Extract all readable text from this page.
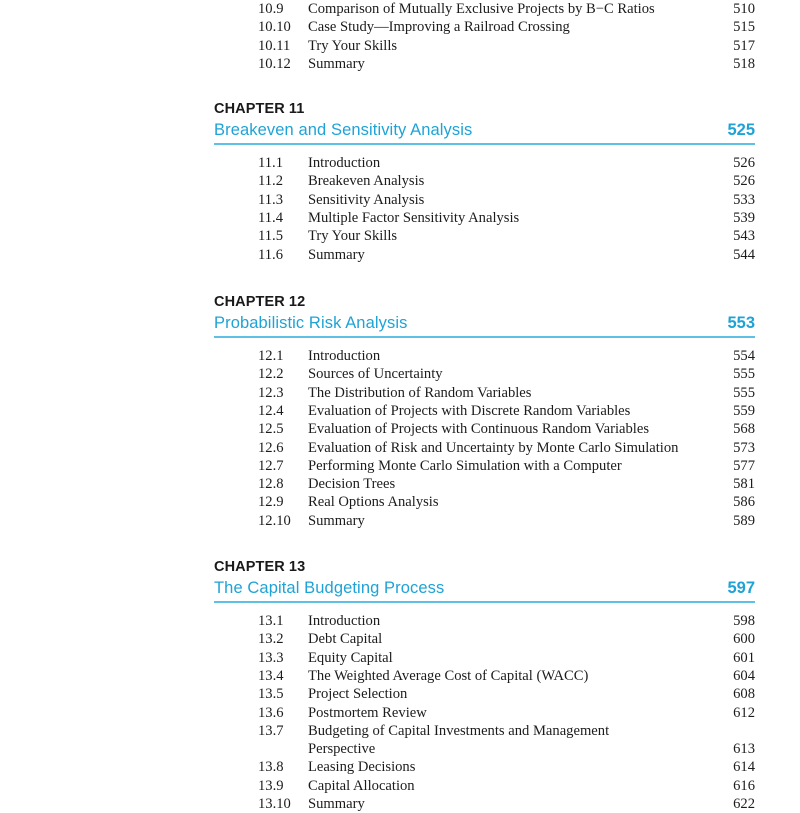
10.9 Comparison of Mutually Exclusive Projects by B−C Ratios	510
10.10 Case Study—Improving a Railroad Crossing	515
10.11 Try Your Skills	517
10.12 Summary	518
CHAPTER 11
Breakeven and Sensitivity Analysis	525
11.1 Introduction	526
11.2 Breakeven Analysis	526
11.3 Sensitivity Analysis	533
11.4 Multiple Factor Sensitivity Analysis	539
11.5 Try Your Skills	543
11.6 Summary	544
CHAPTER 12
Probabilistic Risk Analysis	553
12.1 Introduction	554
12.2 Sources of Uncertainty	555
12.3 The Distribution of Random Variables	555
12.4 Evaluation of Projects with Discrete Random Variables	559
12.5 Evaluation of Projects with Continuous Random Variables	568
12.6 Evaluation of Risk and Uncertainty by Monte Carlo Simulation	573
12.7 Performing Monte Carlo Simulation with a Computer	577
12.8 Decision Trees	581
12.9 Real Options Analysis	586
12.10 Summary	589
CHAPTER 13
The Capital Budgeting Process	597
13.1 Introduction	598
13.2 Debt Capital	600
13.3 Equity Capital	601
13.4 The Weighted Average Cost of Capital (WACC)	604
13.5 Project Selection	608
13.6 Postmortem Review	612
13.7 Budgeting of Capital Investments and Management Perspective	613
13.8 Leasing Decisions	614
13.9 Capital Allocation	616
13.10 Summary	622
